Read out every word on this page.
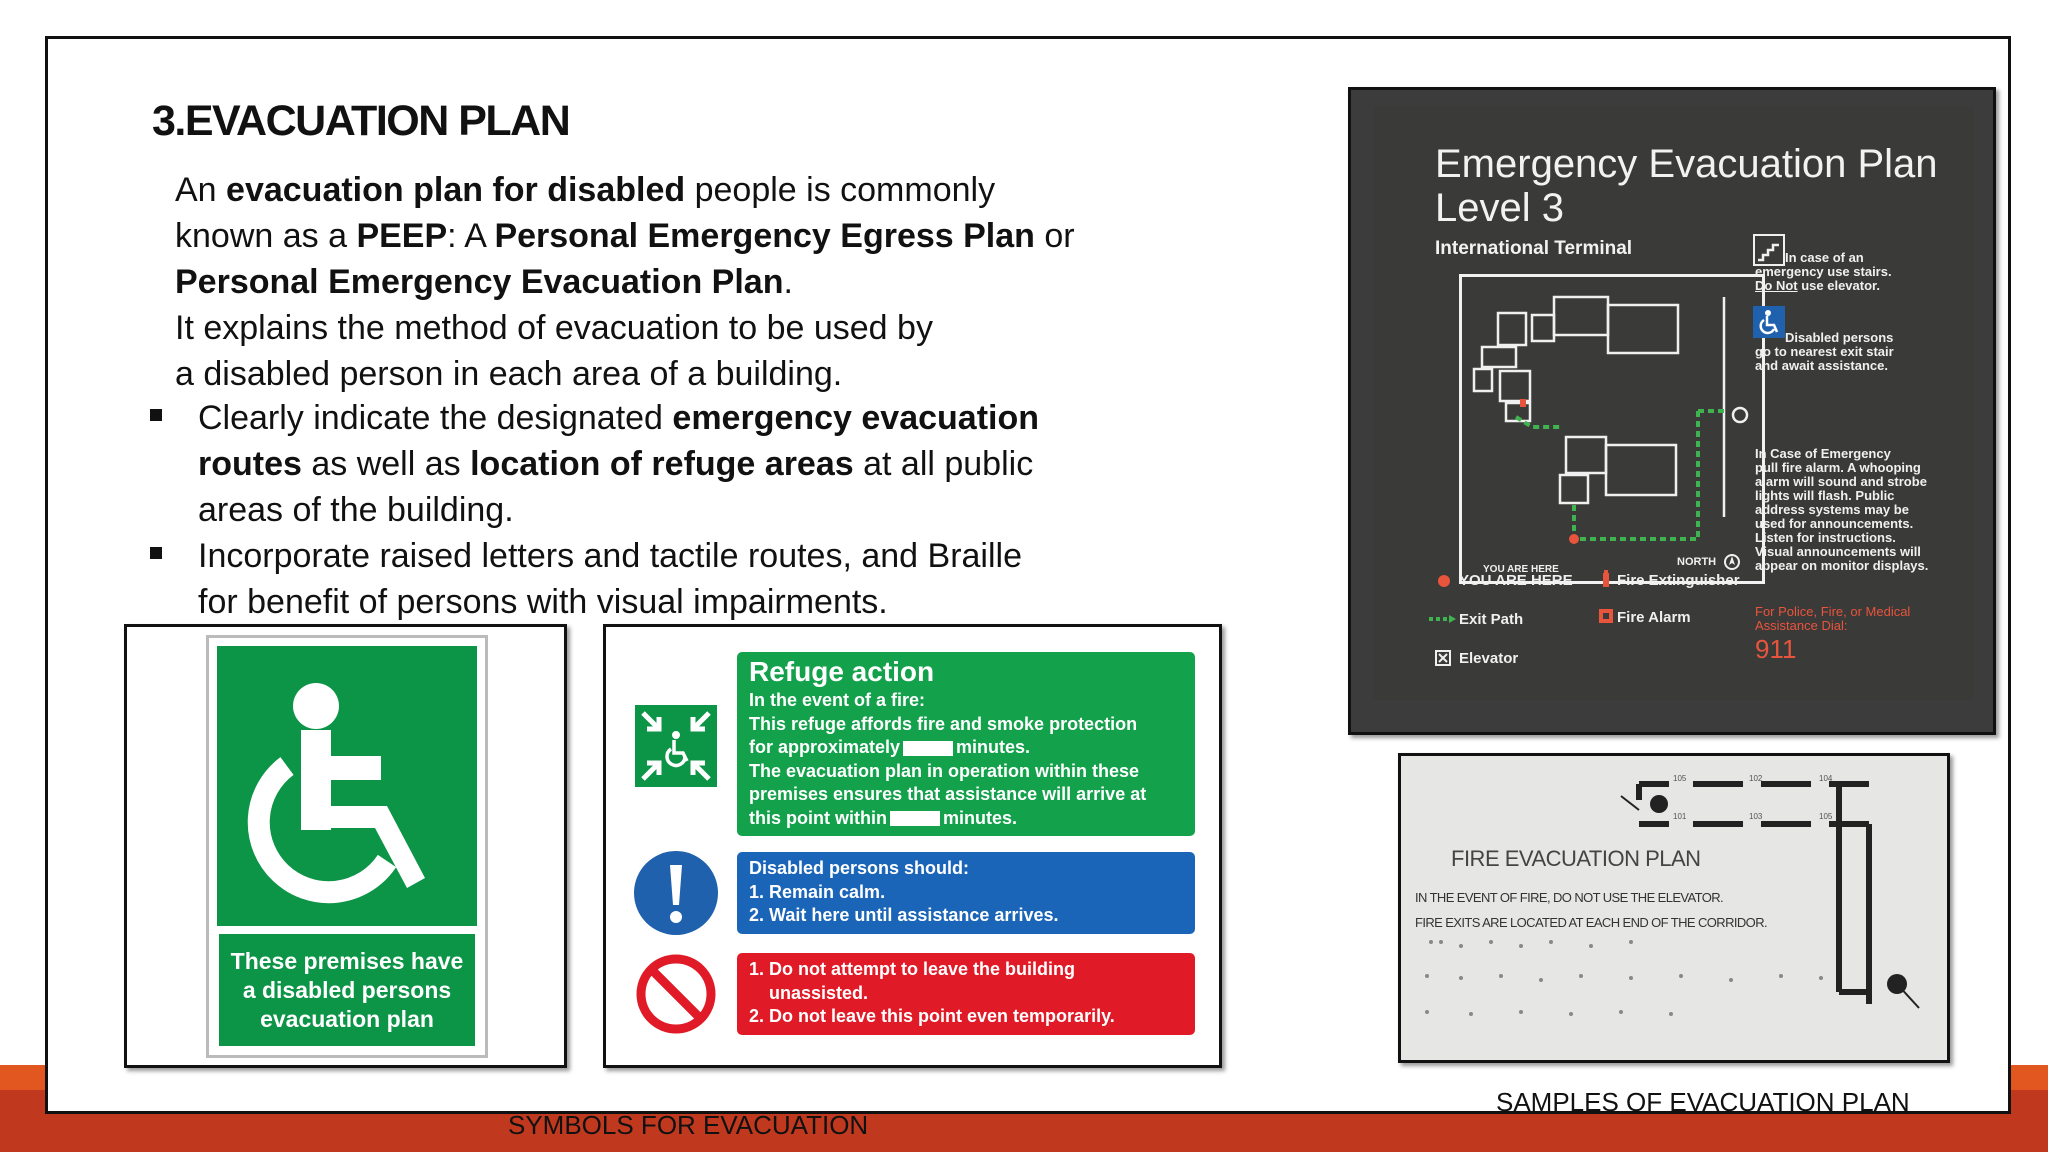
3.EVACUATION PLAN

An evacuation plan for disabled people is commonly

known as a PEEP: A Personal Emergency Egress Plan or

Personal Emergency Evacuation Plan.

It explains the method of evacuation to be used by

a disabled person in each area of a building.

Clearly indicate the designated emergency evacuation
routes as well as location of refuge areas at all public
areas of the building.
Incorporate raised letters and tactile routes, and Braille
for benefit of persons with visual impairments.
These premises have
a disabled persons
evacuation plan
Refuge action
In the event of a fire:
This refuge affords fire and smoke protection
for approximately	minutes.
The evacuation plan in operation within these
premises ensures that assistance will arrive at
this point within	minutes.
Disabled persons should:
1. Remain calm.
2. Wait here until assistance arrives.
1. Do not attempt to leave the building
unassisted.
2. Do not leave this point even temporarily.
SYMBOLS FOR EVACUATION
Emergency Evacuation Plan
Level 3
International Terminal
YOU ARE HERE
NORTH
In case of an
emergency use stairs.
Do Not use elevator.
Disabled persons
go to nearest exit stair
and await assistance.
In Case of Emergency
pull fire alarm. A whooping
alarm will sound and strobe
lights will flash. Public
address systems may be
used for announcements.
Listen for instructions.
Visual announcements will
appear on monitor displays.
For Police, Fire, or Medical
Assistance Dial:
911
YOU ARE HERE
Exit Path
Elevator
Fire Extinguisher
Fire Alarm
FIRE EVACUATION PLAN
IN THE EVENT OF FIRE, DO NOT USE THE ELEVATOR.
FIRE EXITS ARE LOCATED AT EACH END OF THE CORRIDOR.
105	102	104
101	103	105
SAMPLES OF EVACUATION PLAN
